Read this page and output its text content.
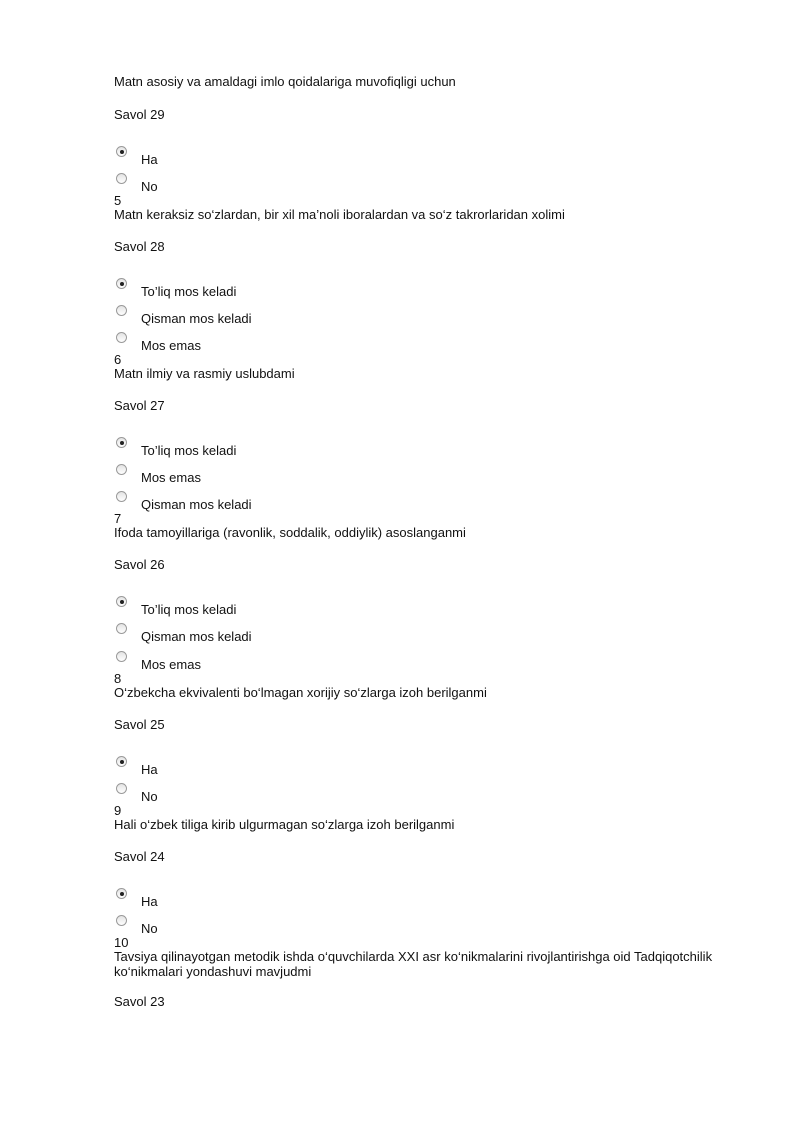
Matn asosiy va amaldagi imlo qoidalariga muvofiqligi uchun
Savol 29
Ha
No
5
Matn keraksiz so‘zlardan, bir xil ma’noli iboralardan va so‘z takrorlaridan xolimi
Savol 28
To’liq mos keladi
Qisman mos keladi
Mos emas
6
Matn ilmiy va rasmiy uslubdami
Savol 27
To’liq mos keladi
Mos emas
Qisman mos keladi
7
Ifoda tamoyillariga (ravonlik, soddalik, oddiylik) asoslanganmi
Savol 26
To’liq mos keladi
Qisman mos keladi
Mos emas
8
O‘zbekcha ekvivalenti bo‘lmagan xorijiy so‘zlarga izoh berilganmi
Savol 25
Ha
No
9
Hali o‘zbek tiliga kirib ulgurmagan so‘zlarga izoh berilganmi
Savol 24
Ha
No
10
Tavsiya qilinayotgan metodik ishda o‘quvchilarda XXI asr ko‘nikmalarini rivojlantirishga oid Tadqiqotchilik ko‘nikmalari yondashuvi mavjudmi
Savol 23
